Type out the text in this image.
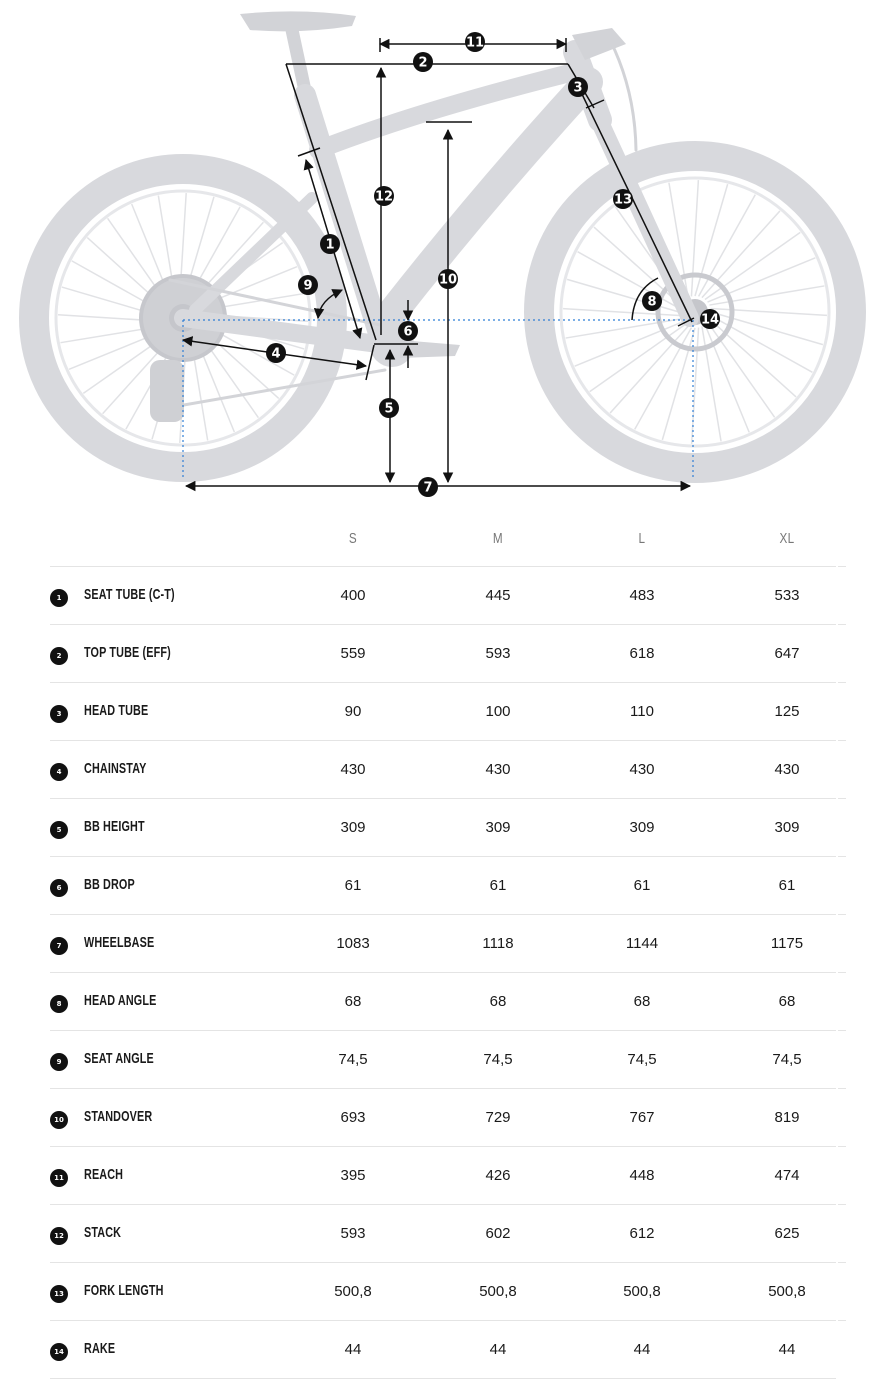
1
2
3
4
5
6
7
8
9	10
11
12	13
14
S	M	L	XL
1	SEAT TUBE (C-T)	400	445	483	533
2	TOP TUBE (EFF)	559	593	618	647
3	HEAD TUBE	90	100	110	125
4	CHAINSTAY	430	430	430	430
5	BB HEIGHT	309	309	309	309
6	BB DROP	61	61	61	61
7	WHEELBASE	1083	1118	1144	1175
8	HEAD ANGLE	68	68	68	68
9	SEAT ANGLE	74,5	74,5	74,5	74,5
10 STANDOVER	693	729	767	819
11 REACH	395	426	448	474
12 STACK	593	602	612	625
13 FORK LENGTH	500,8	500,8	500,8	500,8
14 RAKE	44	44	44	44
